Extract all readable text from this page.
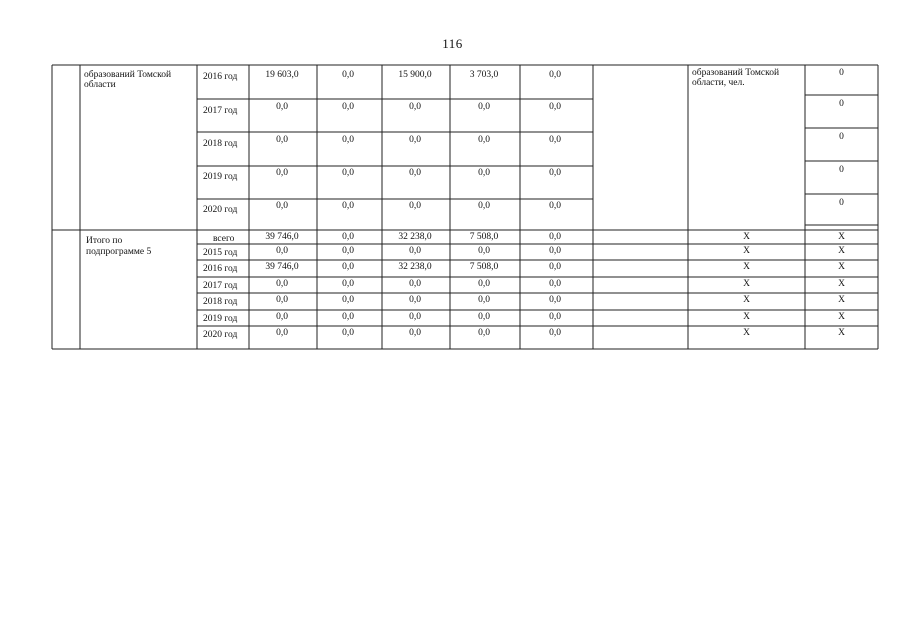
116
образований Томской области
образований Томской области, чел.
2016 год	19 603,0	0,0	15 900,0	3 703,0	0,0	0
2017 год	0,0	0,0	0,0	0,0	0,0	0
2018 год	0,0	0,0	0,0	0,0	0,0	0
2019 год	0,0	0,0	0,0	0,0	0,0	0
2020 год	0,0	0,0	0,0	0,0	0,0	0
Итого по подпрограмме 5
всего	39 746,0	0,0	32 238,0	7 508,0	0,0	X	X
2015 год	0,0	0,0	0,0	0,0	0,0	X	X
2016 год	39 746,0	0,0	32 238,0	7 508,0	0,0	X	X
2017 год	0,0	0,0	0,0	0,0	0,0	X	X
2018 год	0,0	0,0	0,0	0,0	0,0	X	X
2019 год	0,0	0,0	0,0	0,0	0,0	X	X
2020 год	0,0	0,0	0,0	0,0	0,0	X	X
